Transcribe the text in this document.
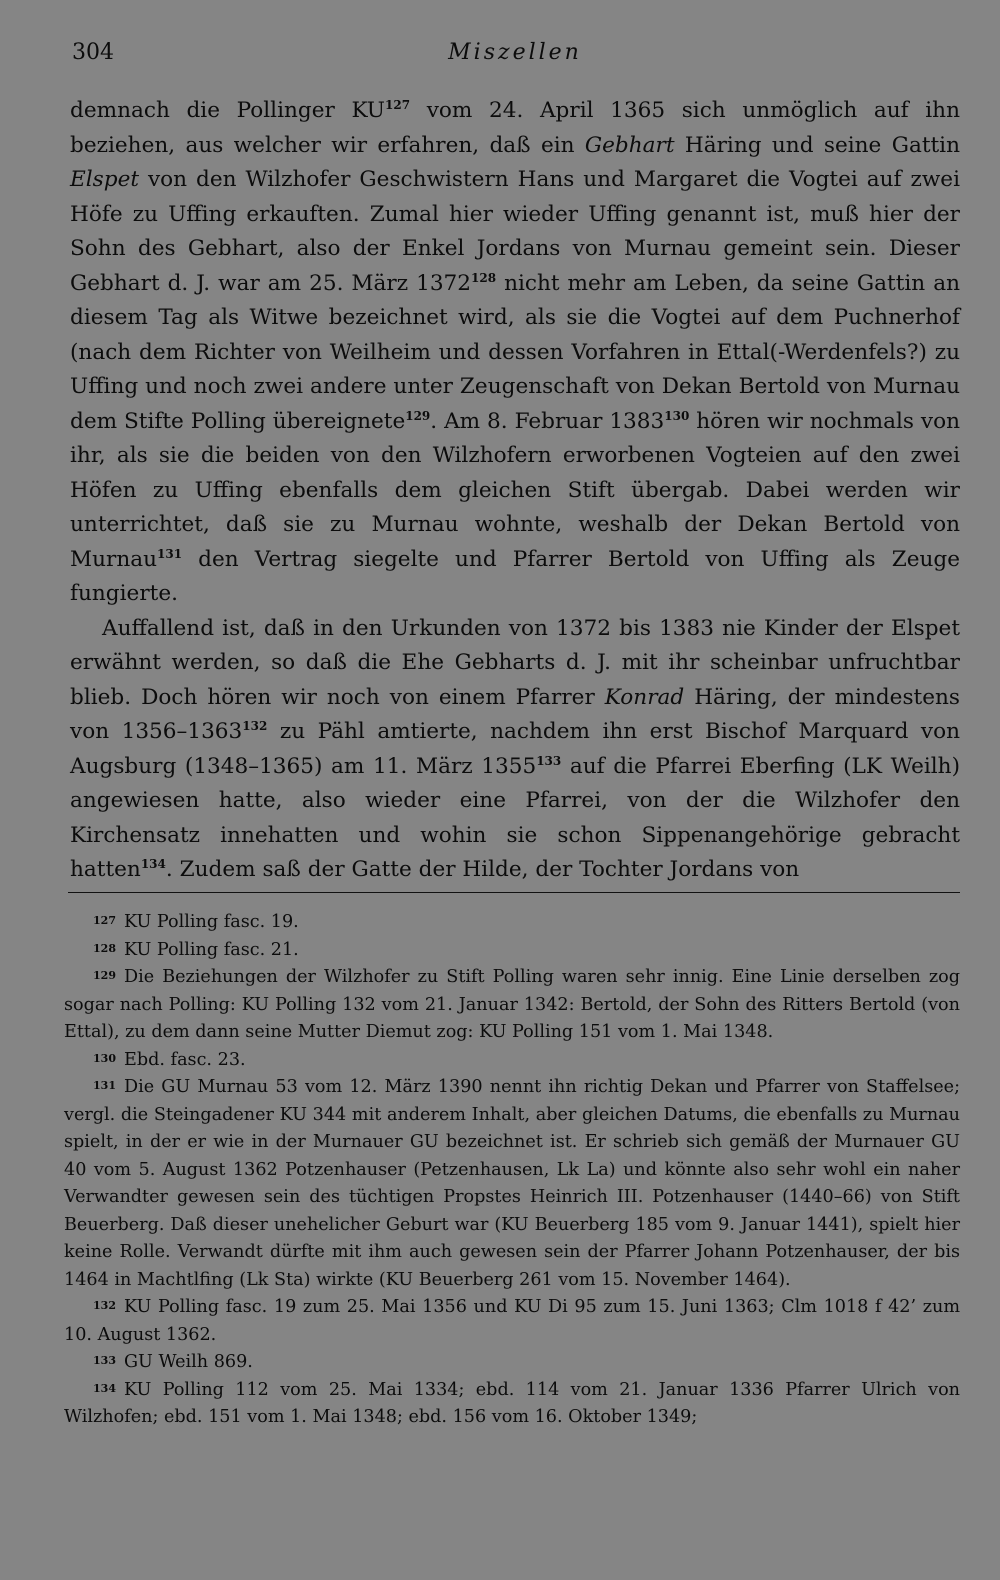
304	Miszellen

demnach die Pollinger KU$^{127}$ vom 24. April 1365 sich unmöglich auf ihn beziehen, aus welcher wir erfahren, daß ein Gebhart Häring und seine Gattin Elspet von den Wilzhofer Geschwistern Hans und Margaret die Vogtei auf zwei Höfe zu Uffing erkauften. Zumal hier wieder Uffing genannt ist, muß hier der Sohn des Gebhart, also der Enkel Jordans von Murnau gemeint sein. Dieser Gebhart d. J. war am 25. März 1372$^{128}$ nicht mehr am Leben, da seine Gattin an diesem Tag als Witwe bezeichnet wird, als sie die Vogtei auf dem Puchnerhof (nach dem Richter von Weilheim und dessen Vorfahren in Ettal(-Werdenfels?) zu Uffing und noch zwei andere unter Zeugenschaft von Dekan Bertold von Murnau dem Stifte Polling übereignete$^{129}$. Am 8. Februar 1383$^{130}$ hören wir nochmals von ihr, als sie die beiden von den Wilzhofern erworbenen Vogteien auf den zwei Höfen zu Uffing ebenfalls dem gleichen Stift übergab. Dabei werden wir unterrichtet, daß sie zu Murnau wohnte, weshalb der Dekan Bertold von Murnau$^{131}$ den Vertrag siegelte und Pfarrer Bertold von Uffing als Zeuge fungierte.

Auffallend ist, daß in den Urkunden von 1372 bis 1383 nie Kinder der Elspet erwähnt werden, so daß die Ehe Gebharts d. J. mit ihr scheinbar unfruchtbar blieb. Doch hören wir noch von einem Pfarrer Konrad Häring, der mindestens von 1356–1363$^{132}$ zu Pähl amtierte, nachdem ihn erst Bischof Marquard von Augsburg (1348–1365) am 11. März 1355$^{133}$ auf die Pfarrei Eberfing (LK Weilh) angewiesen hatte, also wieder eine Pfarrei, von der die Wilzhofer den Kirchensatz innehatten und wohin sie schon Sippenangehörige gebracht hatten$^{134}$. Zudem saß der Gatte der Hilde, der Tochter Jordans von

127 KU Polling fasc. 19.
128 KU Polling fasc. 21.
129 Die Beziehungen der Wilzhofer zu Stift Polling waren sehr innig. Eine Linie derselben zog sogar nach Polling: KU Polling 132 vom 21. Januar 1342: Bertold, der Sohn des Ritters Bertold (von Ettal), zu dem dann seine Mutter Diemut zog: KU Polling 151 vom 1. Mai 1348.
130 Ebd. fasc. 23.
131 Die GU Murnau 53 vom 12. März 1390 nennt ihn richtig Dekan und Pfarrer von Staffelsee; vergl. die Steingadener KU 344 mit anderem Inhalt, aber gleichen Datums, die ebenfalls zu Murnau spielt, in der er wie in der Murnauer GU bezeichnet ist. Er schrieb sich gemäß der Murnauer GU 40 vom 5. August 1362 Potzenhauser (Petzenhausen, Lk La) und könnte also sehr wohl ein naher Verwandter gewesen sein des tüchtigen Propstes Heinrich III. Potzenhauser (1440–66) von Stift Beuerberg. Daß dieser unehelicher Geburt war (KU Beuerberg 185 vom 9. Januar 1441), spielt hier keine Rolle. Verwandt dürfte mit ihm auch gewesen sein der Pfarrer Johann Potzenhauser, der bis 1464 in Machtlfing (Lk Sta) wirkte (KU Beuerberg 261 vom 15. November 1464).
132 KU Polling fasc. 19 zum 25. Mai 1356 und KU Di 95 zum 15. Juni 1363; Clm 1018 f 42’ zum 10. August 1362.
133 GU Weilh 869.
134 KU Polling 112 vom 25. Mai 1334; ebd. 114 vom 21. Januar 1336 Pfarrer Ulrich von Wilzhofen; ebd. 151 vom 1. Mai 1348; ebd. 156 vom 16. Oktober 1349;
